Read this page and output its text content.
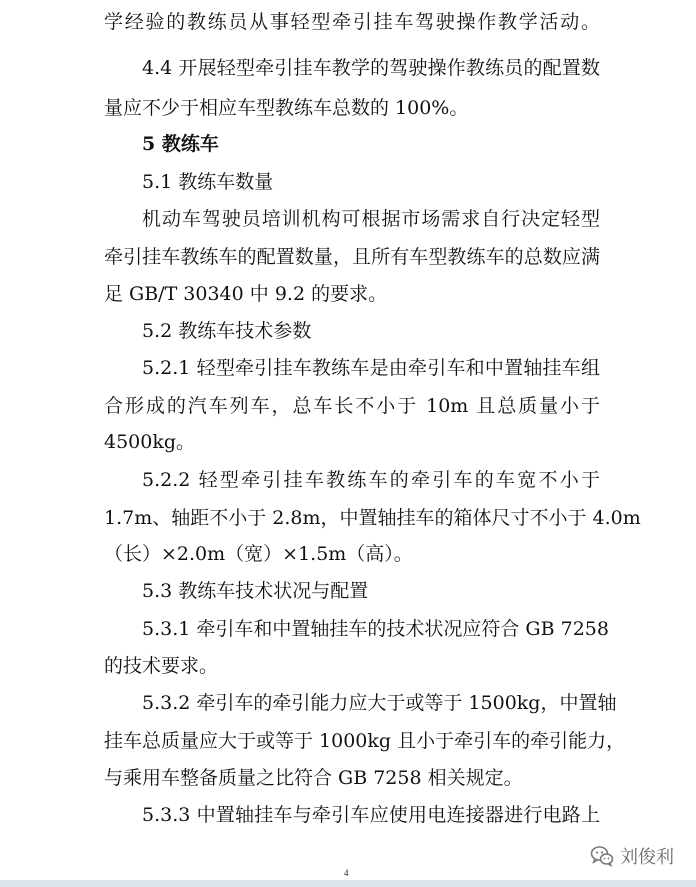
学经验的教练员从事轻型牵引挂车驾驶操作教学活动。
4.4 开展轻型牵引挂车教学的驾驶操作教练员的配置数
量应不少于相应车型教练车总数的 100%。
5 教练车
5.1 教练车数量
机动车驾驶员培训机构可根据市场需求自行决定轻型
牵引挂车教练车的配置数量，且所有车型教练车的总数应满
足 GB/T 30340 中 9.2 的要求。
5.2 教练车技术参数
5.2.1 轻型牵引挂车教练车是由牵引车和中置轴挂车组
合形成的汽车列车，总车长不小于 10m 且总质量小于
4500kg。
5.2.2 轻型牵引挂车教练车的牵引车的车宽不小于
1.7m、轴距不小于 2.8m，中置轴挂车的箱体尺寸不小于 4.0m
（长）×2.0m（宽）×1.5m（高）。
5.3 教练车技术状况与配置
5.3.1 牵引车和中置轴挂车的技术状况应符合 GB 7258
的技术要求。
5.3.2 牵引车的牵引能力应大于或等于 1500kg，中置轴
挂车总质量应大于或等于 1000kg 且小于牵引车的牵引能力，
与乘用车整备质量之比符合 GB 7258 相关规定。
5.3.3 中置轴挂车与牵引车应使用电连接器进行电路上
4
刘俊利
